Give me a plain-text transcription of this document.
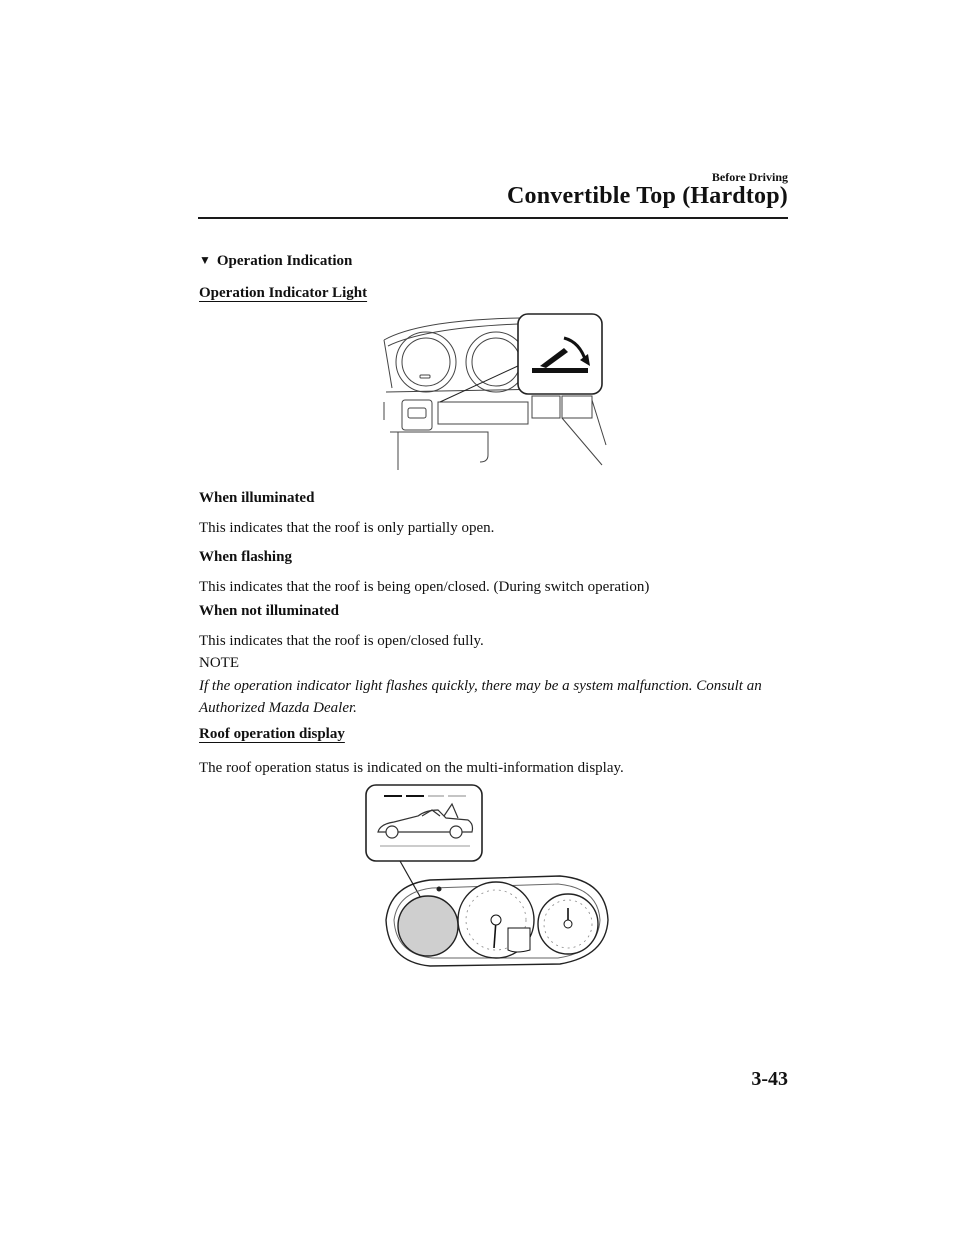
Before Driving
Convertible Top (Hardtop)
▼ Operation Indication
Operation Indicator Light
When illuminated
This indicates that the roof is only partially open.
When flashing
This indicates that the roof is being open/closed. (During switch operation)
When not illuminated
This indicates that the roof is open/closed fully.
NOTE
If the operation indicator light flashes quickly, there may be a system malfunction. Consult an Authorized Mazda Dealer.
Roof operation display
The roof operation status is indicated on the multi-information display.
3-43
